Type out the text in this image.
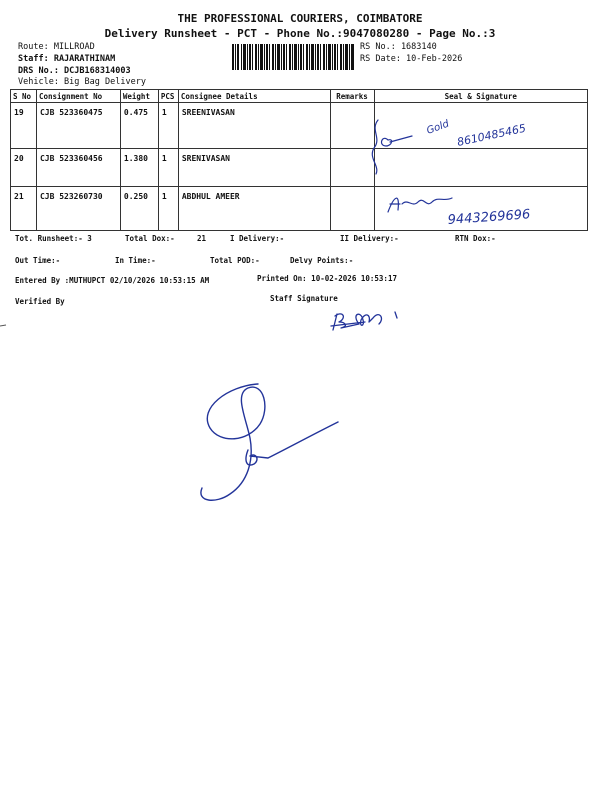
THE PROFESSIONAL COURIERS, COIMBATORE
Delivery Runsheet - PCT - Phone No.:9047080280 - Page No.:3
Route: MILLROAD
Staff: RAJARATHINAM
DRS No.: DCJB168314003
Vehicle: Big Bag Delivery
RS No.: 1683140
RS Date: 10-Feb-2026
S No	Consignment No	Weight	PCS	Consignee Details	Remarks	Seal & Signature
19	CJB 523360475	0.475	1	SREENIVASAN		
20	CJB 523360456	1.380	1	SRENIVASAN		
21	CJB 523260730	0.250	1	ABDHUL AMEER		
Gold 8610485465
9443269696
Tot. Runsheet:- 3	Total Dox:-	21	I Delivery:-	II Delivery:-	RTN Dox:-
Out Time:-	In Time:-	Total POD:-	Delvy Points:-
Entered By :MUTHUPCT 02/10/2026 10:53:15 AM	Printed On: 10-02-2026 10:53:17
Verified By	Staff Signature
